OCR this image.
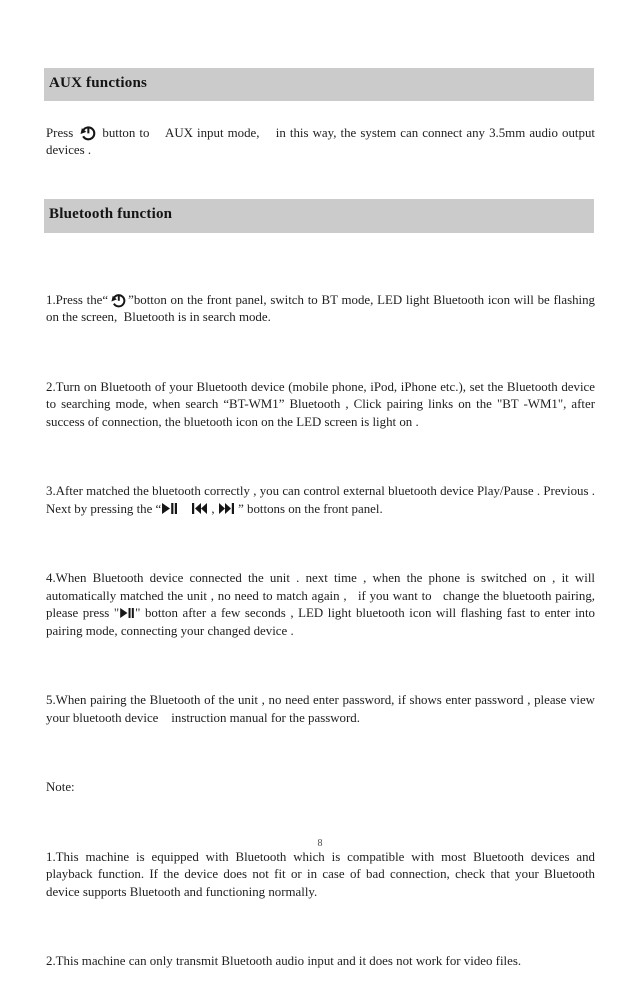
AUX functions
Press
button to    AUX input mode,    in this way, the system can connect any 3.5mm audio output devices .
Bluetooth function

1.Press the“ ”botton on the front panel, switch to BT mode, LED light Bluetooth icon will be flashing on the screen,  Bluetooth is in search mode.

2.Turn on Bluetooth of your Bluetooth device (mobile phone, iPod, iPhone etc.), set the Bluetooth device to searching mode, when search “BT-WM1” Bluetooth , Click pairing links on the "BT -WM1", after success of connection, the bluetooth icon on the LED screen is light on .

3.After matched the bluetooth correctly , you can control external bluetooth device Play/Pause . Previous . Next by pressing the “
	,
” bottons on the front panel.

4.When Bluetooth device connected the unit . next time , when the phone is switched on , it will automatically matched the unit , no need to match again ,   if you want to   change the bluetooth pairing, please press " " botton after a few seconds , LED light bluetooth icon will flashing fast to enter into pairing mode, connecting your changed device .

5.When pairing the Bluetooth of the unit , no need enter password, if shows enter password , please view your bluetooth device    instruction manual for the password.

Note:

1.This machine is equipped with Bluetooth which is compatible with most Bluetooth devices and playback function. If the device does not fit or in case of bad connection, check that your Bluetooth device supports Bluetooth and functioning normally.

2.This machine can only transmit Bluetooth audio input and it does not work for video files.

8
